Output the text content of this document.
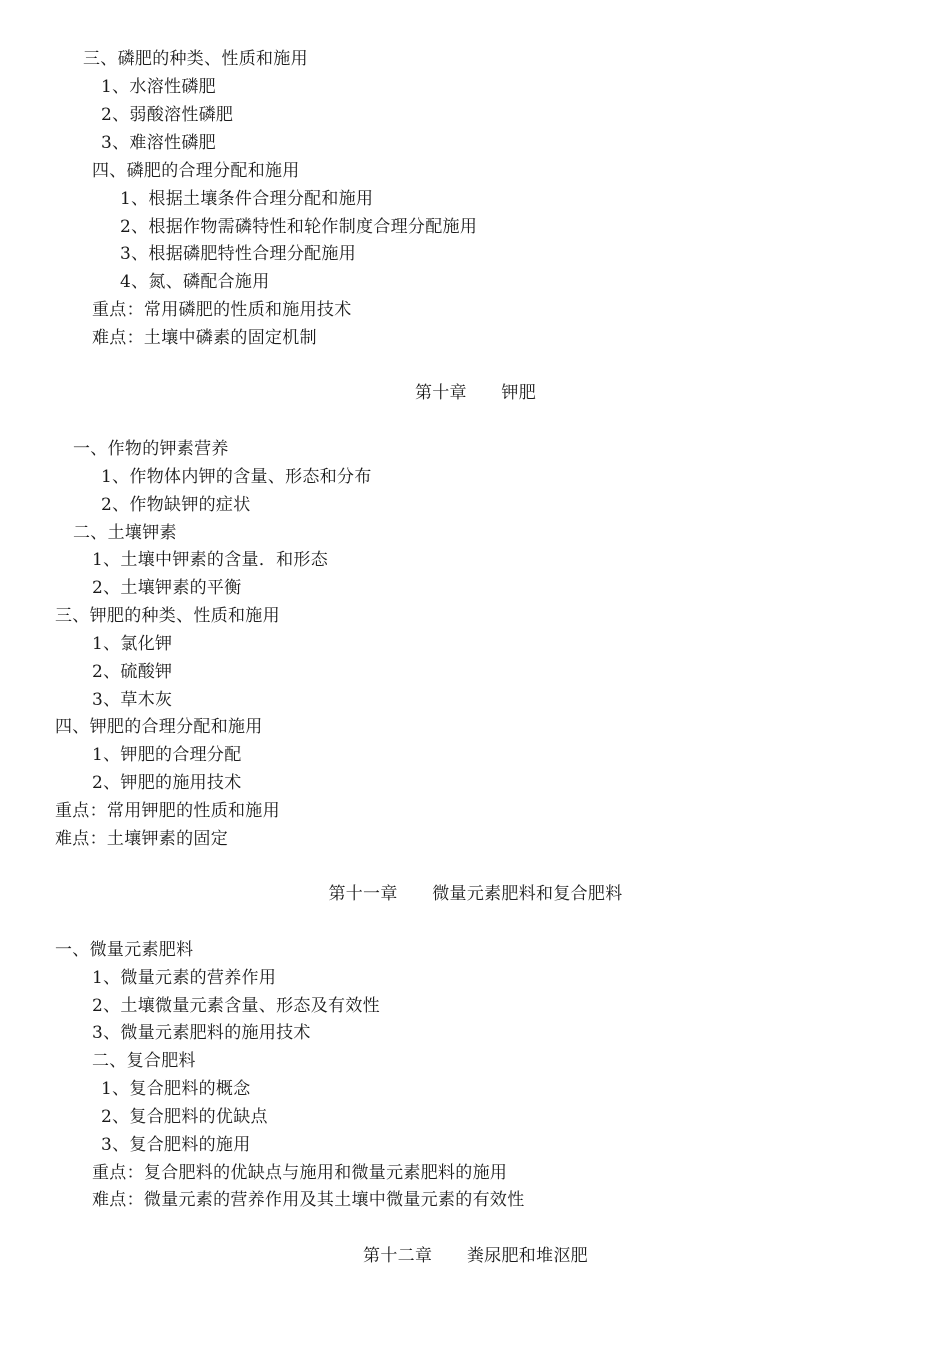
三、磷肥的种类、性质和施用
1、水溶性磷肥
2、弱酸溶性磷肥
3、难溶性磷肥
四、磷肥的合理分配和施用
1、根据土壤条件合理分配和施用
2、根据作物需磷特性和轮作制度合理分配施用
3、根据磷肥特性合理分配施用
4、氮、磷配合施用
重点：常用磷肥的性质和施用技术
难点：土壤中磷素的固定机制
第十章　　钾肥
一、作物的钾素营养
1、作物体内钾的含量、形态和分布
2、作物缺钾的症状
二、土壤钾素
1、土壤中钾素的含量．和形态
2、土壤钾素的平衡
三、钾肥的种类、性质和施用
1、氯化钾
2、硫酸钾
3、草木灰
四、钾肥的合理分配和施用
1、钾肥的合理分配
2、钾肥的施用技术
重点：常用钾肥的性质和施用
难点：土壤钾素的固定
第十一章　　微量元素肥料和复合肥料
一、微量元素肥料
1、微量元素的营养作用
2、土壤微量元素含量、形态及有效性
3、微量元素肥料的施用技术
二、复合肥料
1、复合肥料的概念
2、复合肥料的优缺点
3、复合肥料的施用
重点：复合肥料的优缺点与施用和微量元素肥料的施用
难点：微量元素的营养作用及其土壤中微量元素的有效性
第十二章　　粪尿肥和堆沤肥
